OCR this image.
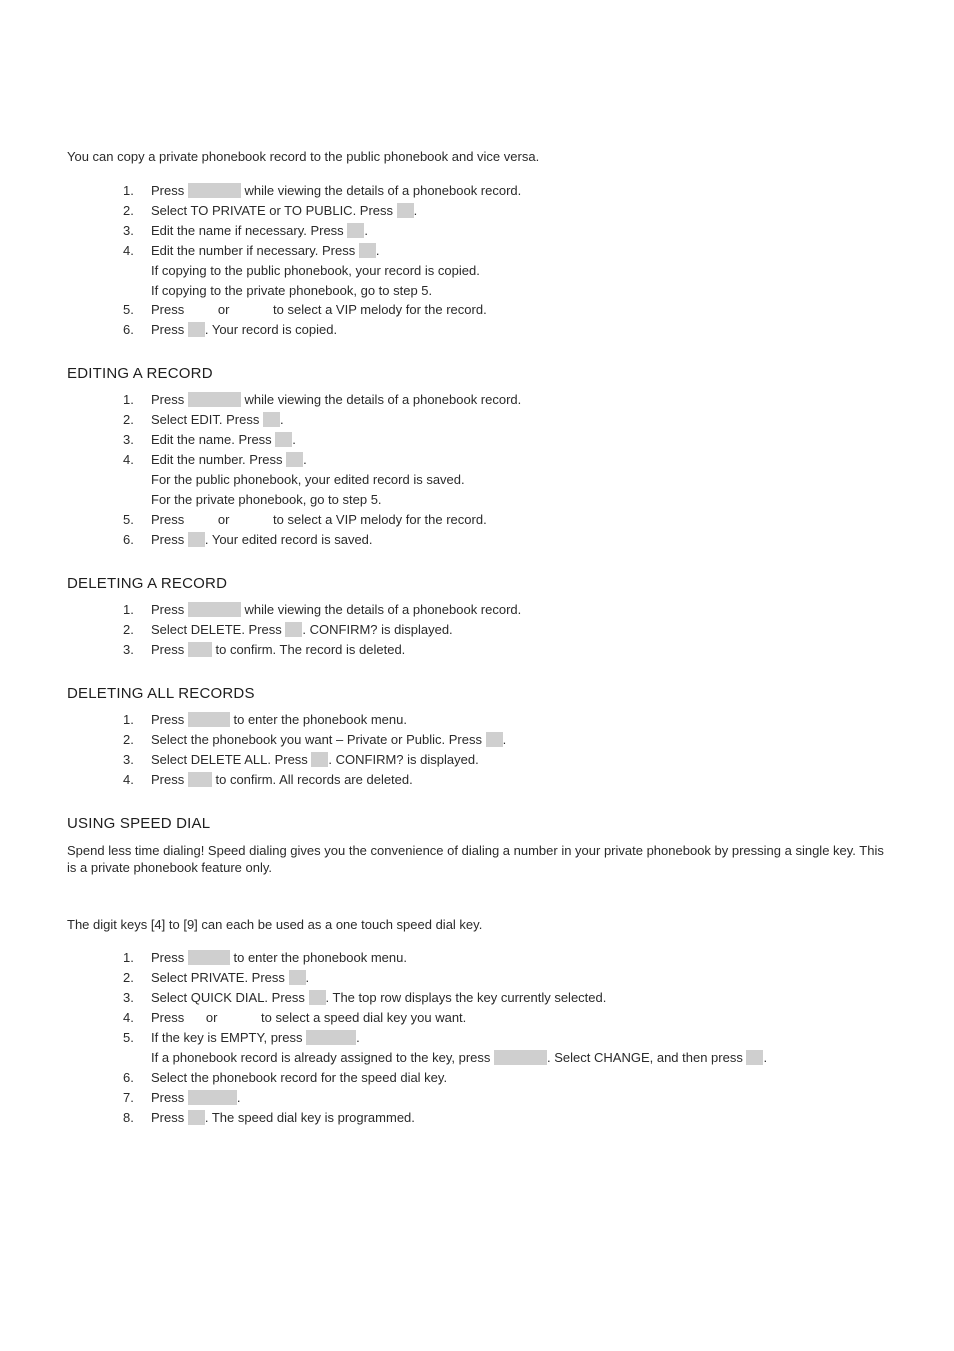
You can copy a private phonebook record to the public phonebook and vice versa.
1.	Press	while viewing the details of a phonebook record.
2.	Select TO PRIVATE or TO PUBLIC. Press .
3.	Edit the name if necessary. Press .
4.	Edit the number if necessary. Press .
If copying to the public phonebook, your record is copied.
If copying to the private phonebook, go to step 5.
5.	Press	or	to select a VIP melody for the record.
6.	Press . Your record is copied.
EDITING A RECORD
1.	Press	while viewing the details of a phonebook record.
2.	Select EDIT. Press .
3.	Edit the name. Press .
4.	Edit the number. Press .
For the public phonebook, your edited record is saved.
For the private phonebook, go to step 5.
5.	Press	or	to select a VIP melody for the record.
6.	Press . Your edited record is saved.
DELETING A RECORD
1.	Press	while viewing the details of a phonebook record.
2.	Select DELETE. Press . CONFIRM? is displayed.
3.	Press to confirm. The record is deleted.
DELETING ALL RECORDS
1.	Press	to enter the phonebook menu.
2.	Select the phonebook you want – Private or Public. Press .
3.	Select DELETE ALL. Press . CONFIRM? is displayed.
4.	Press to confirm. All records are deleted.
USING SPEED DIAL
Spend less time dialing! Speed dialing gives you the convenience of dialing a number in your private phonebook by pressing a single key. This is a private phonebook feature only.
The digit keys [4] to [9] can each be used as a one touch speed dial key.
1.	Press	to enter the phonebook menu.
2.	Select PRIVATE. Press .
3.	Select QUICK DIAL. Press . The top row displays the key currently selected.
4.	Press or	to select a speed dial key you want.
5.	If the key is EMPTY, press	.
If a phonebook record is already assigned to the key, press	. Select CHANGE, and then press .
6.	Select the phonebook record for the speed dial key.
7.	Press	.
8.	Press . The speed dial key is programmed.
